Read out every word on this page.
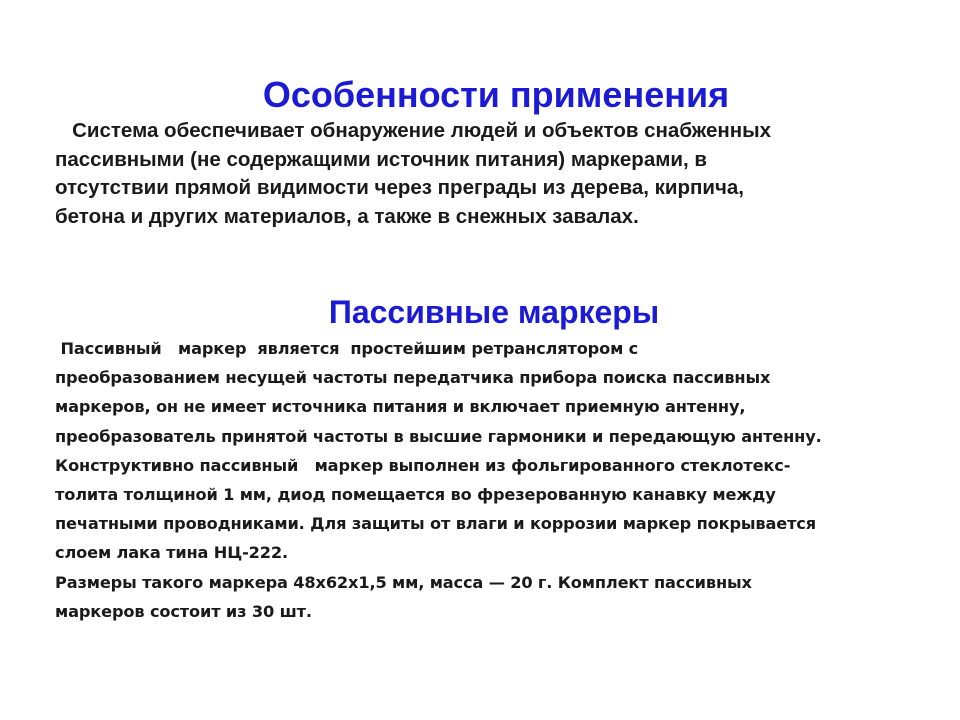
Особенности применения

Система обеспечивает обнаружение людей и объектов снабженных
пассивными (не содержащими источник питания) маркерами, в
отсутствии прямой видимости через преграды из дерева, кирпича,
бетона и других материалов, а также в снежных завалах.

Пассивные маркеры

Пассивный   маркер  является  простейшим ретранслятором с
преобразованием несущей частоты передатчика прибора поиска пассивных
маркеров, он не имеет источника питания и включает приемную антенну,
преобразователь принятой частоты в высшие гармоники и передающую антенну.
Конструктивно пассивный   маркер выполнен из фольгированного стеклотекс-
толита толщиной 1 мм, диод помещается во фрезерованную канавку между
печатными проводниками. Для защиты от влаги и коррозии маркер покрывается
слоем лака тина НЦ-222.
Размеры такого маркера 48х62х1,5 мм, масса — 20 г. Комплект пассивных
маркеров состоит из 30 шт.
